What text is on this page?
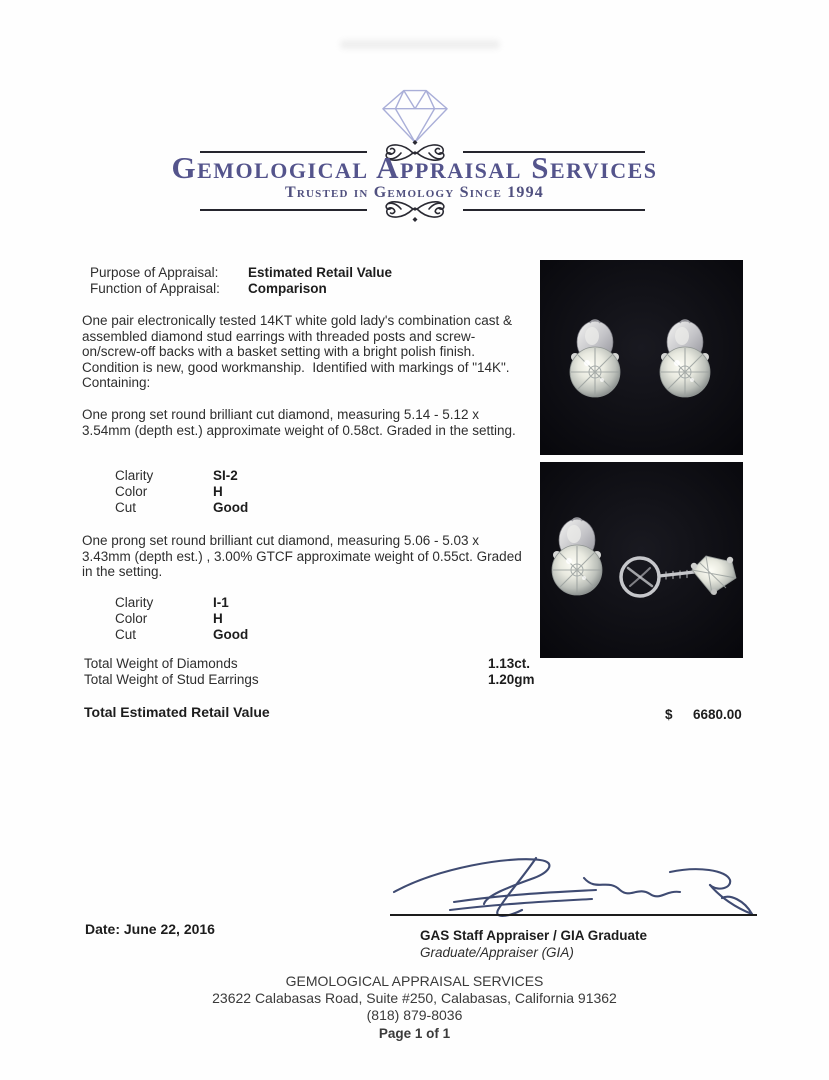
Gemological Appraisal Services
Trusted in Gemology Since 1994
Purpose of Appraisal: Estimated Retail Value
Function of Appraisal: Comparison
One pair electronically tested 14KT white gold lady's combination cast & assembled diamond stud earrings with threaded posts and screw-on/screw-off backs with a basket setting with a bright polish finish. Condition is new, good workmanship.  Identified with markings of "14K".  Containing:
One prong set round brilliant cut diamond, measuring 5.14 - 5.12 x 3.54mm (depth est.) approximate weight of 0.58ct. Graded in the setting.
Clarity	SI-2
Color	H
Cut	Good
One prong set round brilliant cut diamond, measuring 5.06 - 5.03 x 3.43mm (depth est.) , 3.00% GTCF approximate weight of 0.55ct. Graded in the setting.
Clarity	I-1
Color	H
Cut	Good
Total Weight of Diamonds	1.13ct.
Total Weight of Stud Earrings	1.20gm
Total Estimated Retail Value	$ 6680.00
Date: June 22, 2016	GAS Staff Appraiser / GIA Graduate
Graduate/Appraiser (GIA)
GEMOLOGICAL APPRAISAL SERVICES
23622 Calabasas Road, Suite #250, Calabasas, California 91362
(818) 879-8036
Page 1 of 1
